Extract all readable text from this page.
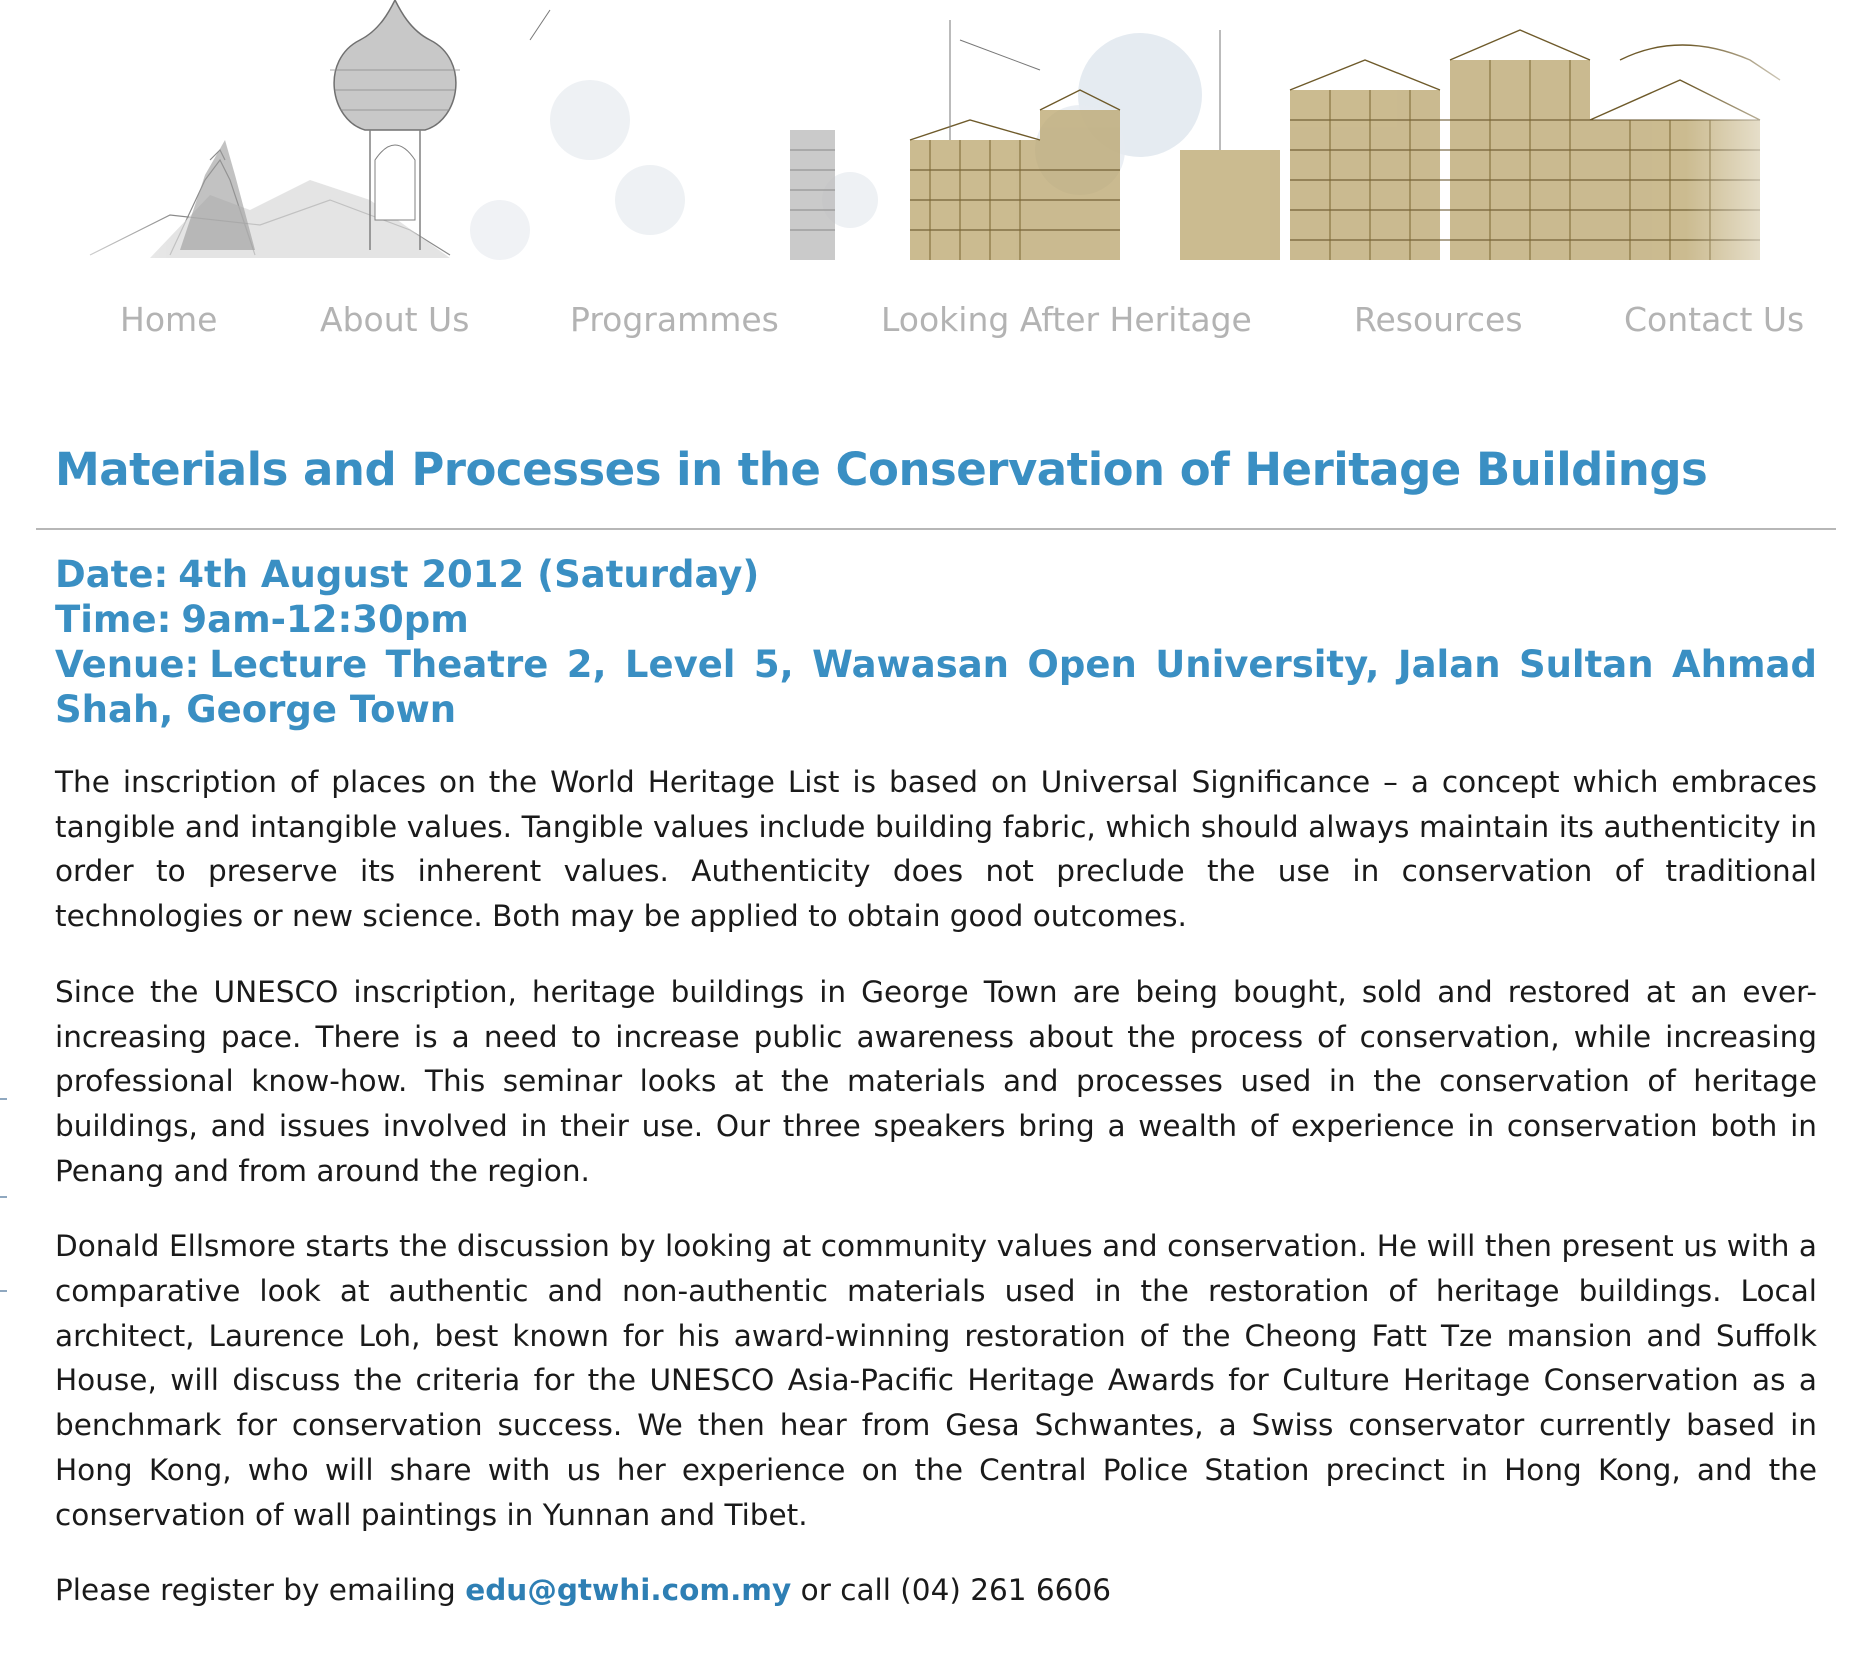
Home	About Us	Programmes	Looking After Heritage	Resources	Contact Us
Materials and Processes in the Conservation of Heritage Buildings

Date: 4th August 2012 (Saturday)

Time: 9am-12:30pm

Venue: Lecture Theatre 2, Level 5, Wawasan Open University, Jalan Sultan Ahmad Shah, George Town

The inscription of places on the World Heritage List is based on Universal Significance – a concept which embraces tangible and intangible values. Tangible values include building fabric, which should always maintain its authenticity in order to preserve its inherent values. Authenticity does not preclude the use in conservation of traditional technologies or new science. Both may be applied to obtain good outcomes.

Since the UNESCO inscription, heritage buildings in George Town are being bought, sold and restored at an ever-increasing pace. There is a need to increase public awareness about the process of conservation, while increasing professional know-how. This seminar looks at the materials and processes used in the conservation of heritage buildings, and issues involved in their use. Our three speakers bring a wealth of experience in conservation both in Penang and from around the region.

Donald Ellsmore starts the discussion by looking at community values and conservation. He will then present us with a comparative look at authentic and non-authentic materials used in the restoration of heritage buildings. Local architect, Laurence Loh, best known for his award-winning restoration of the Cheong Fatt Tze mansion and Suffolk House, will discuss the criteria for the UNESCO Asia-Pacific Heritage Awards for Culture Heritage Conservation as a benchmark for conservation success. We then hear from Gesa Schwantes, a Swiss conservator currently based in Hong Kong, who will share with us her experience on the Central Police Station precinct in Hong Kong, and the conservation of wall paintings in Yunnan and Tibet.

Please register by emailing edu@gtwhi.com.my or call (04) 261 6606
